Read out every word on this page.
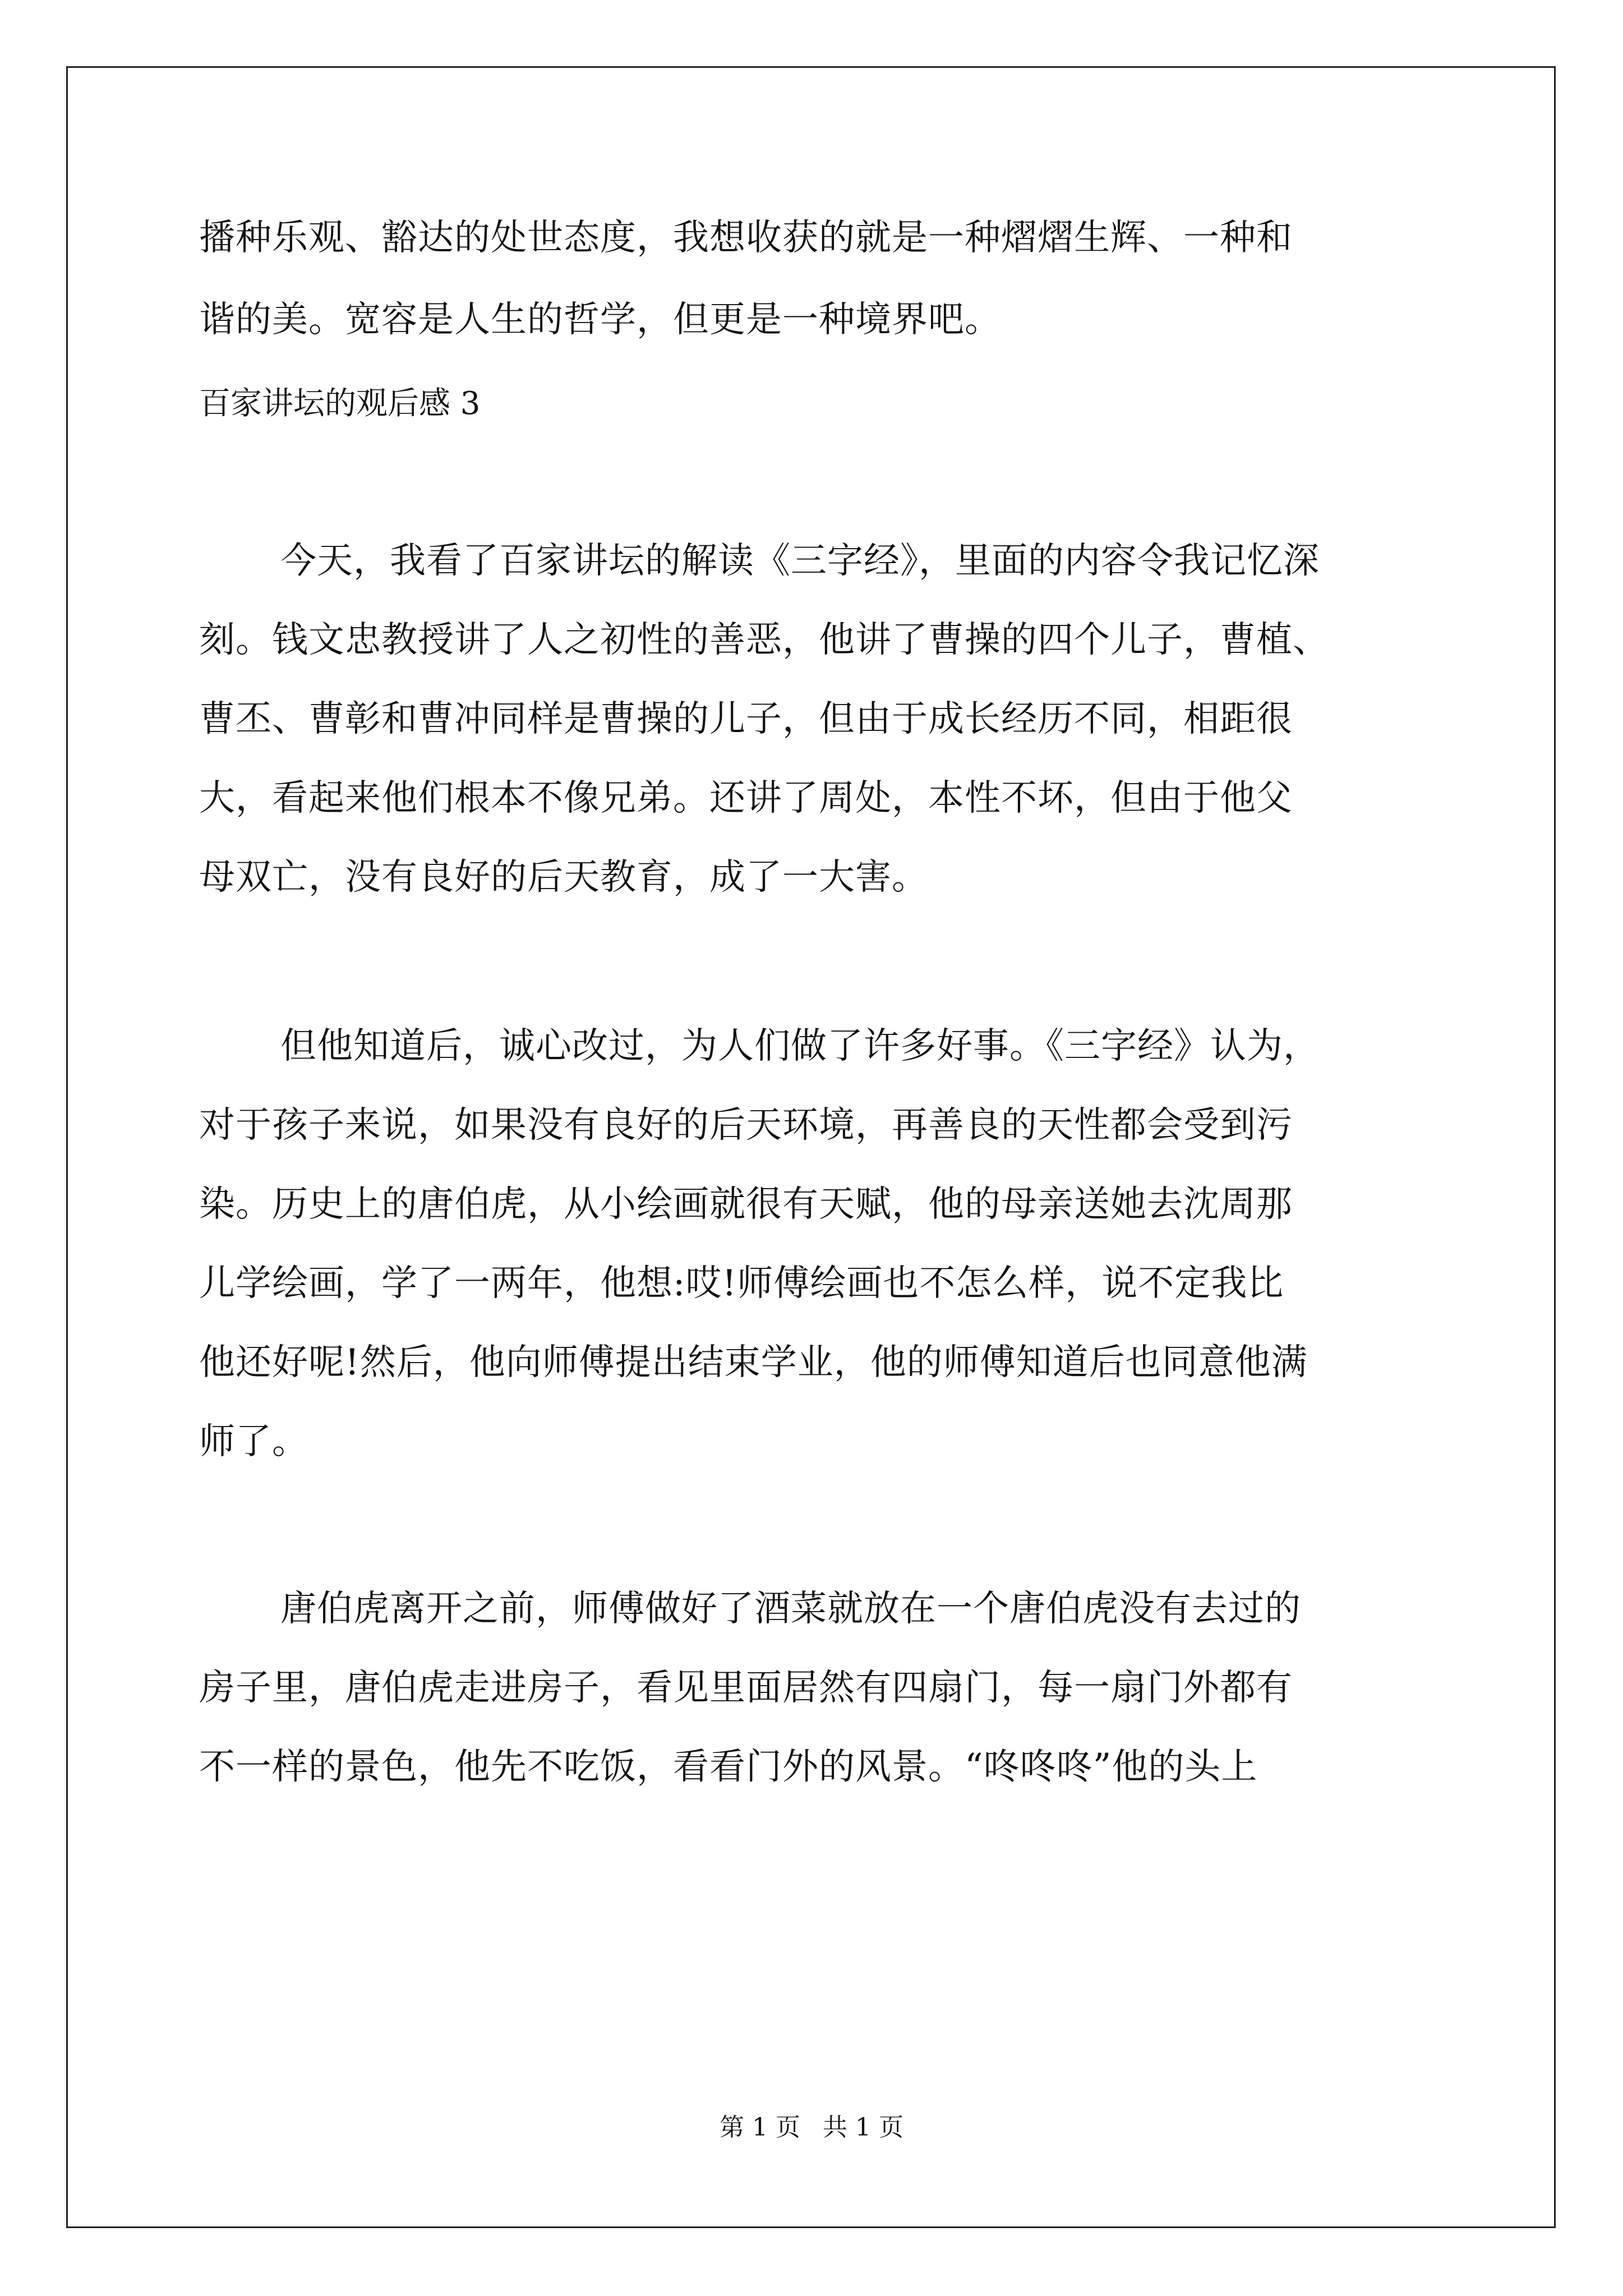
播种乐观、豁达的处世态度，我想收获的就是一种熠熠生辉、一种和
谐的美。宽容是人生的哲学，但更是一种境界吧。
百家讲坛的观后感 3
今天，我看了百家讲坛的解读《三字经》，里面的内容令我记忆深
刻。钱文忠教授讲了人之初性的善恶，他讲了曹操的四个儿子，曹植、
曹丕、曹彰和曹冲同样是曹操的儿子，但由于成长经历不同，相距很
大，看起来他们根本不像兄弟。还讲了周处，本性不坏，但由于他父
母双亡，没有良好的后天教育，成了一大害。
但他知道后，诚心改过，为人们做了许多好事。《三字经》认为，
对于孩子来说，如果没有良好的后天环境，再善良的天性都会受到污
染。历史上的唐伯虎，从小绘画就很有天赋，他的母亲送她去沈周那
儿学绘画，学了一两年，他想:哎!师傅绘画也不怎么样，说不定我比
他还好呢!然后，他向师傅提出结束学业，他的师傅知道后也同意他满
师了。
唐伯虎离开之前，师傅做好了酒菜就放在一个唐伯虎没有去过的
房子里，唐伯虎走进房子，看见里面居然有四扇门，每一扇门外都有
不一样的景色，他先不吃饭，看看门外的风景。“咚咚咚”他的头上
第 1 页 共 1 页
